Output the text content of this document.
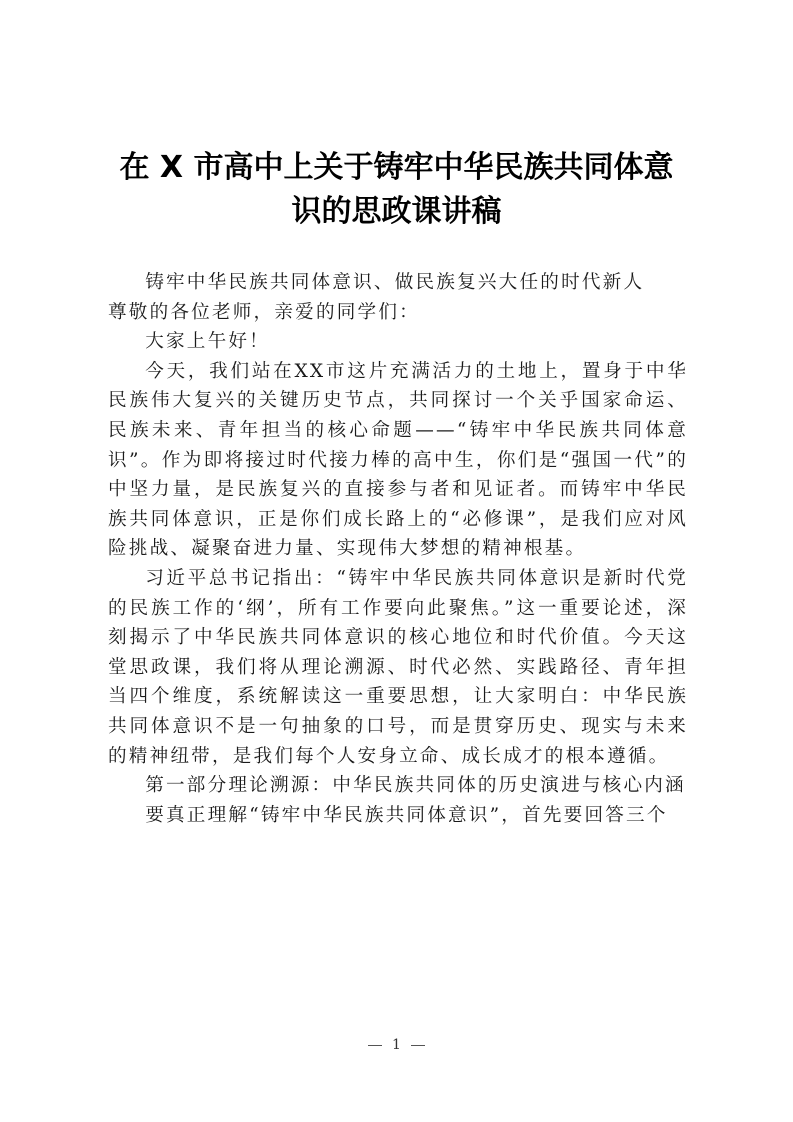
在 X 市高中上关于铸牢中华民族共同体意
识的思政课讲稿

铸牢中华民族共同体意识、做民族复兴大任的时代新人

尊敬的各位老师，亲爱的同学们：

大家上午好！

今天，我们站在XX市这片充满活力的土地上，置身于中华民族伟大复兴的关键历史节点，共同探讨一个关乎国家命运、民族未来、青年担当的核心命题——“铸牢中华民族共同体意识”。作为即将接过时代接力棒的高中生，你们是“强国一代”的中坚力量，是民族复兴的直接参与者和见证者。而铸牢中华民族共同体意识，正是你们成长路上的“必修课”，是我们应对风险挑战、凝聚奋进力量、实现伟大梦想的精神根基。

习近平总书记指出：“铸牢中华民族共同体意识是新时代党的民族工作的‘纲’，所有工作要向此聚焦。”这一重要论述，深刻揭示了中华民族共同体意识的核心地位和时代价值。今天这堂思政课，我们将从理论溯源、时代必然、实践路径、青年担当四个维度，系统解读这一重要思想，让大家明白：中华民族共同体意识不是一句抽象的口号，而是贯穿历史、现实与未来的精神纽带，是我们每个人安身立命、成长成才的根本遵循。

第一部分理论溯源：中华民族共同体的历史演进与核心内涵

要真正理解“铸牢中华民族共同体意识”，首先要回答三个

1
